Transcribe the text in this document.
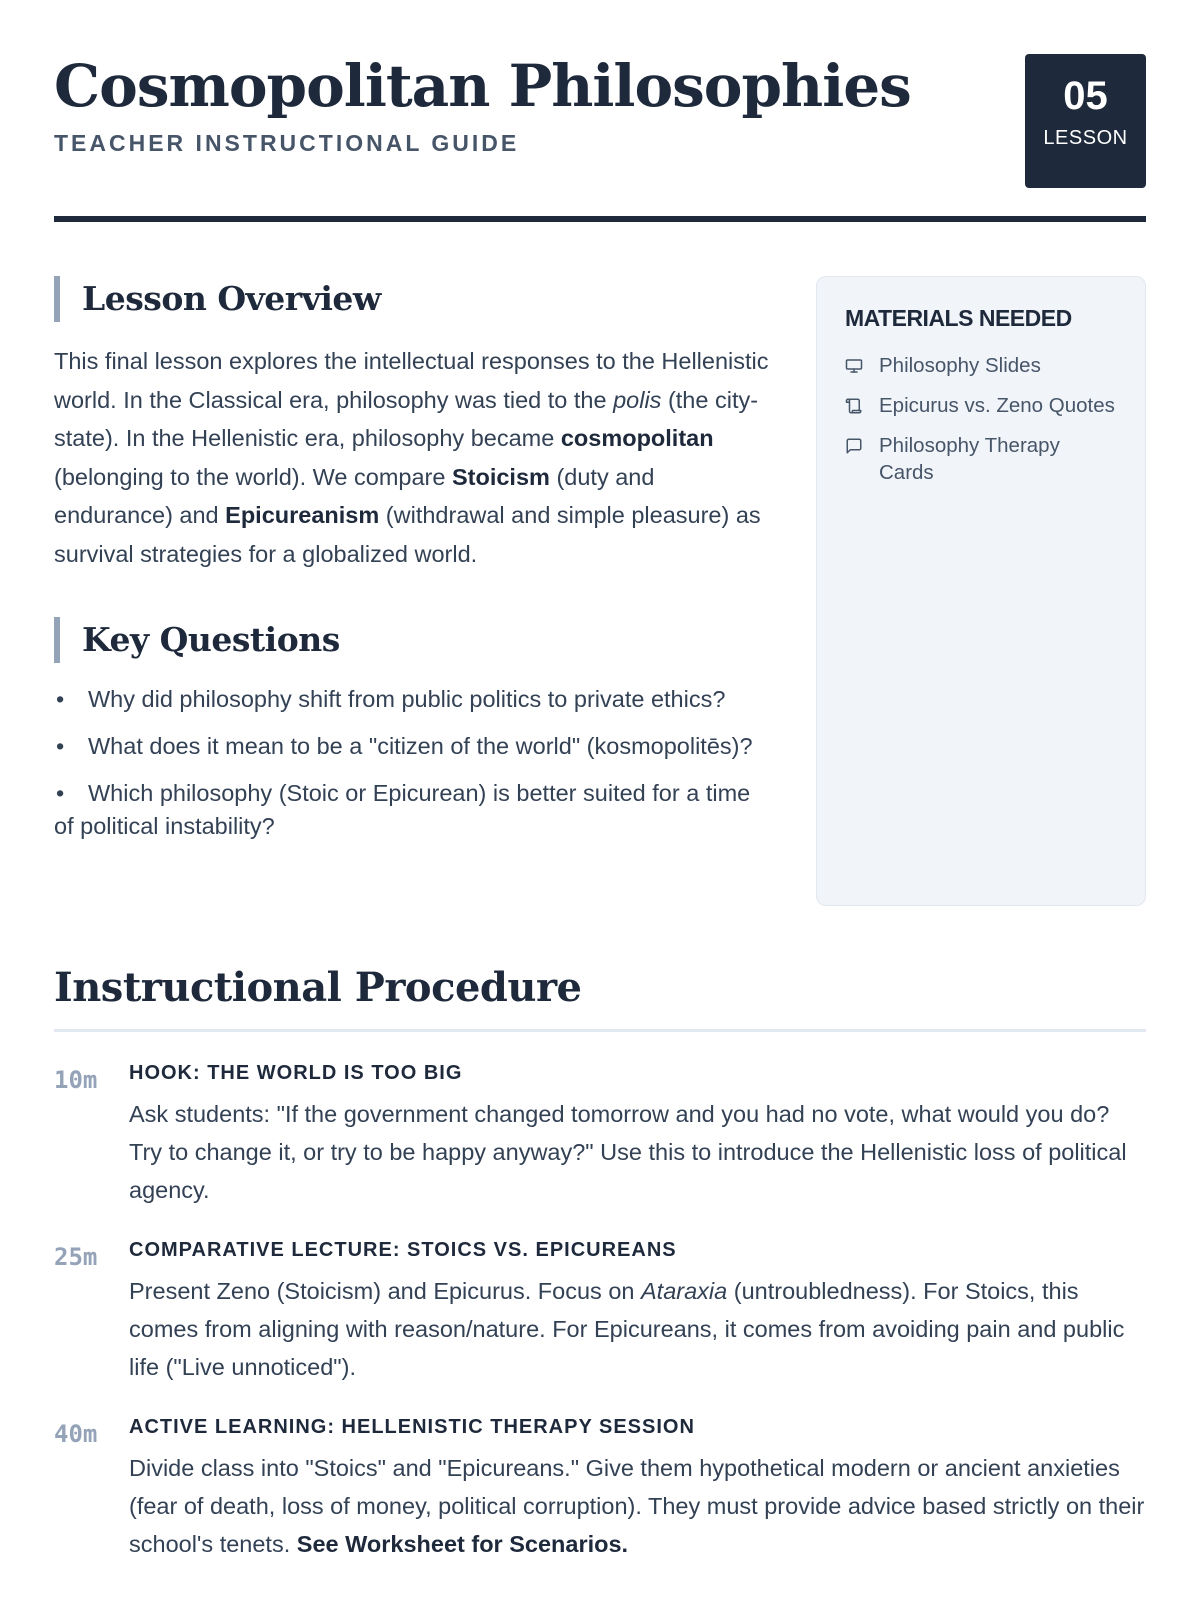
Cosmopolitan Philosophies
TEACHER INSTRUCTIONAL GUIDE
05
LESSON
Lesson Overview

This final lesson explores the intellectual responses to the Hellenistic world. In the Classical era, philosophy was tied to the polis (the city-state). In the Hellenistic era, philosophy became cosmopolitan (belonging to the world). We compare Stoicism (duty and endurance) and Epicureanism (withdrawal and simple pleasure) as survival strategies for a globalized world.

Key Questions
• Why did philosophy shift from public politics to private ethics?
• What does it mean to be a "citizen of the world" (kosmopolitēs)?
• Which philosophy (Stoic or Epicurean) is better suited for a time of political instability?
MATERIALS NEEDED
Philosophy Slides
Epicurus vs. Zeno Quotes
Philosophy Therapy Cards
Instructional Procedure
10m HOOK: THE WORLD IS TOO BIG

Ask students: "If the government changed tomorrow and you had no vote, what would you do? Try to change it, or try to be happy anyway?" Use this to introduce the Hellenistic loss of political agency.

25m COMPARATIVE LECTURE: STOICS VS. EPICUREANS

Present Zeno (Stoicism) and Epicurus. Focus on Ataraxia (untroubledness). For Stoics, this comes from aligning with reason/nature. For Epicureans, it comes from avoiding pain and public life ("Live unnoticed").

40m ACTIVE LEARNING: HELLENISTIC THERAPY SESSION

Divide class into "Stoics" and "Epicureans." Give them hypothetical modern or ancient anxieties (fear of death, loss of money, political corruption). They must provide advice based strictly on their school's tenets. See Worksheet for Scenarios.
